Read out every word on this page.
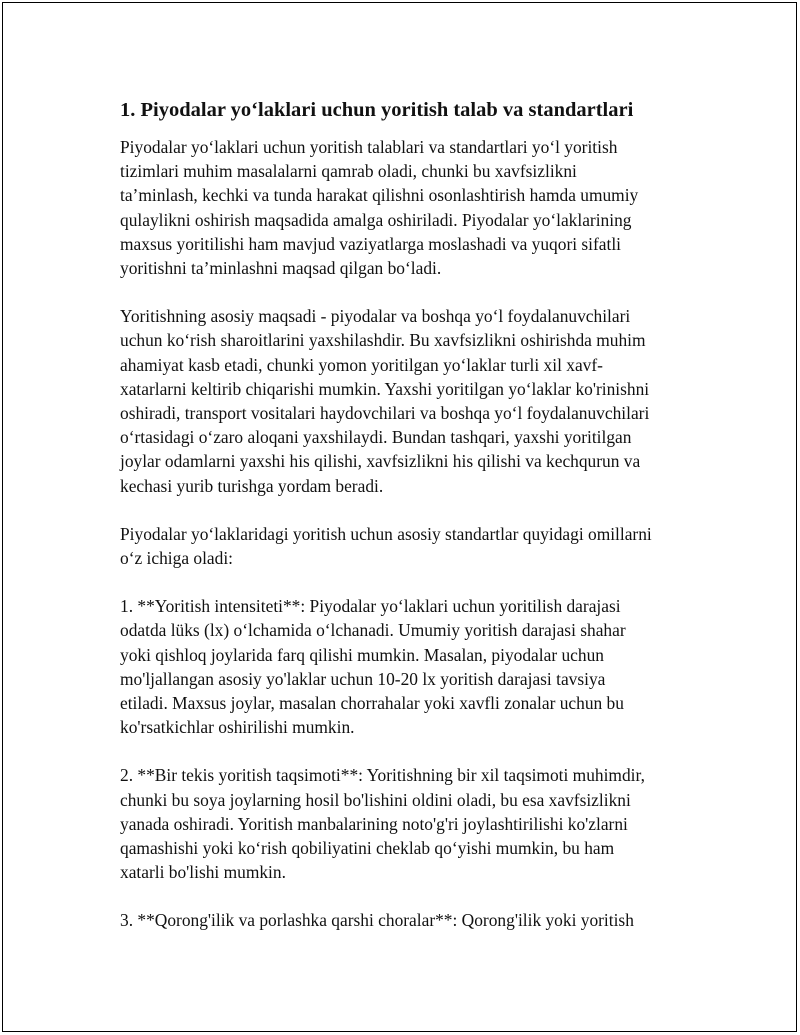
1. Piyodalar yo‘laklari uchun yoritish talab va standartlari

Piyodalar yo‘laklari uchun yoritish talablari va standartlari yo‘l yoritish
tizimlari muhim masalalarni qamrab oladi, chunki bu xavfsizlikni
ta’minlash, kechki va tunda harakat qilishni osonlashtirish hamda umumiy
qulaylikni oshirish maqsadida amalga oshiriladi. Piyodalar yo‘laklarining
maxsus yoritilishi ham mavjud vaziyatlarga moslashadi va yuqori sifatli
yoritishni ta’minlashni maqsad qilgan bo‘ladi.

Yoritishning asosiy maqsadi - piyodalar va boshqa yo‘l foydalanuvchilari
uchun ko‘rish sharoitlarini yaxshilashdir. Bu xavfsizlikni oshirishda muhim
ahamiyat kasb etadi, chunki yomon yoritilgan yo‘laklar turli xil xavf-
xatarlarni keltirib chiqarishi mumkin. Yaxshi yoritilgan yo‘laklar ko'rinishni
oshiradi, transport vositalari haydovchilari va boshqa yo‘l foydalanuvchilari
o‘rtasidagi o‘zaro aloqani yaxshilaydi. Bundan tashqari, yaxshi yoritilgan
joylar odamlarni yaxshi his qilishi, xavfsizlikni his qilishi va kechqurun va
kechasi yurib turishga yordam beradi.

Piyodalar yo‘laklaridagi yoritish uchun asosiy standartlar quyidagi omillarni
o‘z ichiga oladi:

1. **Yoritish intensiteti**: Piyodalar yo‘laklari uchun yoritilish darajasi
odatda lüks (lx) o‘lchamida o‘lchanadi. Umumiy yoritish darajasi shahar
yoki qishloq joylarida farq qilishi mumkin. Masalan, piyodalar uchun
mo'ljallangan asosiy yo'laklar uchun 10-20 lx yoritish darajasi tavsiya
etiladi. Maxsus joylar, masalan chorrahalar yoki xavfli zonalar uchun bu
ko'rsatkichlar oshirilishi mumkin.

2. **Bir tekis yoritish taqsimoti**: Yoritishning bir xil taqsimoti muhimdir,
chunki bu soya joylarning hosil bo'lishini oldini oladi, bu esa xavfsizlikni
yanada oshiradi. Yoritish manbalarining noto'g'ri joylashtirilishi ko'zlarni
qamashishi yoki ko‘rish qobiliyatini cheklab qo‘yishi mumkin, bu ham
xatarli bo'lishi mumkin.

3. **Qorong'ilik va porlashka qarshi choralar**: Qorong'ilik yoki yoritish
